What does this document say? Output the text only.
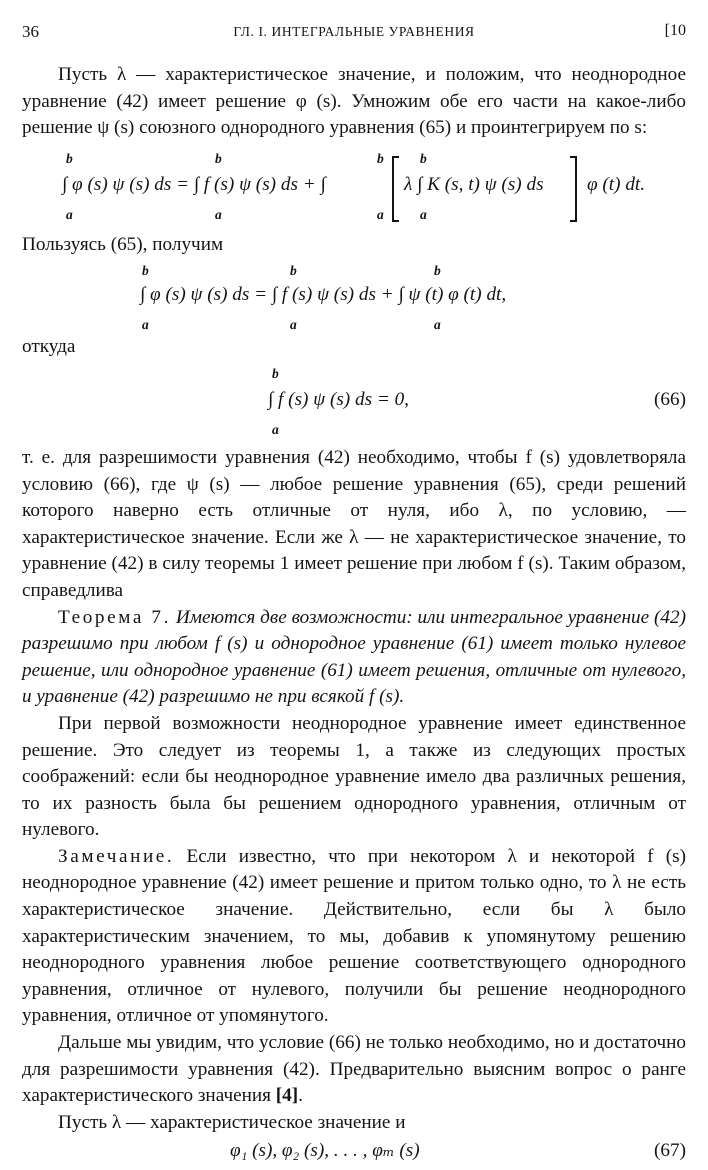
36	ГЛ. I. ИНТЕГРАЛЬНЫЕ УРАВНЕНИЯ	[10

Пусть λ — характеристическое значение, и положим, что неоднородное уравнение (42) имеет решение φ (s). Умножим обе его части на какое-либо решение ψ (s) союзного однородного уравнения (65) и проинтегрируем по s:

b
a
b
a
b
a
b
a
∫ φ (s) ψ (s) ds = ∫ f (s) ψ (s) ds + ∫	λ ∫ K (s, t) ψ (s) ds φ (t) dt.

Пользуясь (65), получим

b
a
b
a
b
a
∫ φ (s) ψ (s) ds = ∫ f (s) ψ (s) ds + ∫ ψ (t) φ (t) dt,

откуда

b
a
∫ f (s) ψ (s) ds = 0,	(66)

т. е. для разрешимости уравнения (42) необходимо, чтобы f (s) удовлетворяла условию (66), где ψ (s) — любое решение уравнения (65), среди решений которого наверно есть отличные от нуля, ибо λ, по условию, — характеристическое значение. Если же λ — не характеристическое значение, то уравнение (42) в силу теоремы 1 имеет решение при любом f (s). Таким образом, справедлива

Теорема 7. Имеются две возможности: или интегральное уравнение (42) разрешимо при любом f (s) и однородное уравнение (61) имеет только нулевое решение, или однородное уравнение (61) имеет решения, отличные от нулевого, и уравнение (42) разрешимо не при всякой f (s).

При первой возможности неоднородное уравнение имеет единственное решение. Это следует из теоремы 1, а также из следующих простых соображений: если бы неоднородное уравнение имело два различных решения, то их разность была бы решением однородного уравнения, отличным от нулевого.

Замечание. Если известно, что при некотором λ и некоторой f (s) неоднородное уравнение (42) имеет решение и притом только одно, то λ не есть характеристическое значение. Действительно, если бы λ было характеристическим значением, то мы, добавив к упомянутому решению неоднородного уравнения любое решение соответствующего однородного уравнения, отличное от нулевого, получили бы решение неоднородного уравнения, отличное от упомянутого.

Дальше мы увидим, что условие (66) не только необходимо, но и достаточно для разрешимости уравнения (42). Предварительно выясним вопрос о ранге характеристического значения [4].

Пусть λ — характеристическое значение и

φ₁ (s), φ₂ (s), . . . , φₘ (s)	(67)
